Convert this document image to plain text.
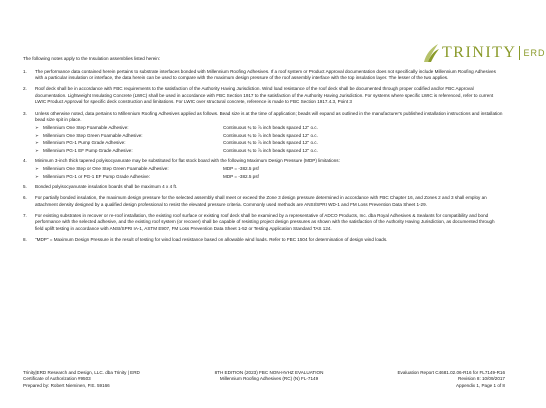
TRINITY ERD
The following notes apply to the Insulation assemblies listed herein:
1.	The performance data contained herein pertains to substrate interfaces bonded with Millennium Roofing Adhesives. If a roof system or Product Approval documentation does not specifically include Millennium Roofing Adhesives with a particular insulation or interface, the data herein can be used to compare with the maximum design pressure of the roof assembly interface with the top insulation layer. The lesser of the two applies.
2.	Roof deck shall be in accordance with FBC requirements to the satisfaction of the Authority Having Jurisdiction. Wind load resistance of the roof deck shall be documented through proper codified and/or FBC Approval documentation. Lightweight Insulating Concrete (LWIC) shall be used in accordance with FBC Section 1917 to the satisfaction of the Authority Having Jurisdiction. For systems where specific LWIC is referenced, refer to current LWIC Product Approval for specific deck construction and limitations. For LWIC over structural concrete, reference is made to FBC Section 1917.4.3, Point 3
3.	Unless otherwise noted, data pertains to Millennium Roofing Adhesives applied as follows. Bead size is at the time of application; beads will expand as outlined in the manufacturer's published installation instructions and installation bead size spit in place.
➢ Millennium One Step Foamable Adhesive:	Continuous ¾ to ⅞ inch beads spaced 12" o.c.
➢ Millennium One Step Green Foamable Adhesive:	Continuous ¾ to ⅞ inch beads spaced 12" o.c.
➢ Millennium PG-1 Pump Grade Adhesive:	Continuous ¾ to ⅞ inch beads spaced 12" o.c.
➢ Millennium PG-1 EF Pump Grade Adhesive:	Continuous ¾ to ⅞ inch beads spaced 12" o.c.
4.	Minimum 3-inch thick tapered polyisocyanurate may be substituted for flat stock board with the following Maximum Design Pressure (MDP) limitations:
➢ Millennium One Step or One Step Green Foamable Adhesive:	MDP = -382.5 psf
➢ Millennium PG-1 or PG-1 EF Pump Grade Adhesive:	MDP = -382.5 psf
5.	Bonded polyisocyanurate insulation boards shall be maximum 4 x 4 ft.
6.	For partially bonded insulation, the maximum design pressure for the selected assembly shall meet or exceed the Zone 3 design pressure determined in accordance with FBC Chapter 16, and Zones 2 and 3 shall employ an attachment density designed by a qualified design professional to resist the elevated pressure criteria. Commonly used methods are ANSI/SPRI WD-1 and FM Loss Prevention Data Sheet 1-29.
7.	For existing substrates in recover or re-roof installation, the existing roof surface or existing roof deck shall be examined by a representative of ADCO Products, Inc. dba Royal Adhesives & Sealants for compatibility and bond performance with the selected adhesive, and the existing roof system (or recover) shall be capable of resisting project design pressures as shown with the satisfaction of the Authority Having Jurisdiction, as documented through field uplift testing in accordance with ANSI/SPRI IA-1, ASTM E907, FM Loss Prevention Data Sheet 1-52 or Testing Application Standard TAS 124.
8.	"MDP" = Maximum Design Pressure is the result of testing for wind load resistance based on allowable wind loads. Refer to FBC 1504 for determination of design wind loads.
Trinity|ERD Research and Design, LLC. dba Trinity | ERD
Certificate of Authorization #9503
Prepared by: Robert Nieminen, P.E. 59166
8TH EDITION (2023) FBC NON-HVHZ EVALUATION
Millennium Roofing Adhesives (RC) (N) FL-7149
Evaluation Report C4681.02.06-R16 for FL7149-R16
Revision 8: 10/09/2017
Appendix 1, Page 1 of 8
